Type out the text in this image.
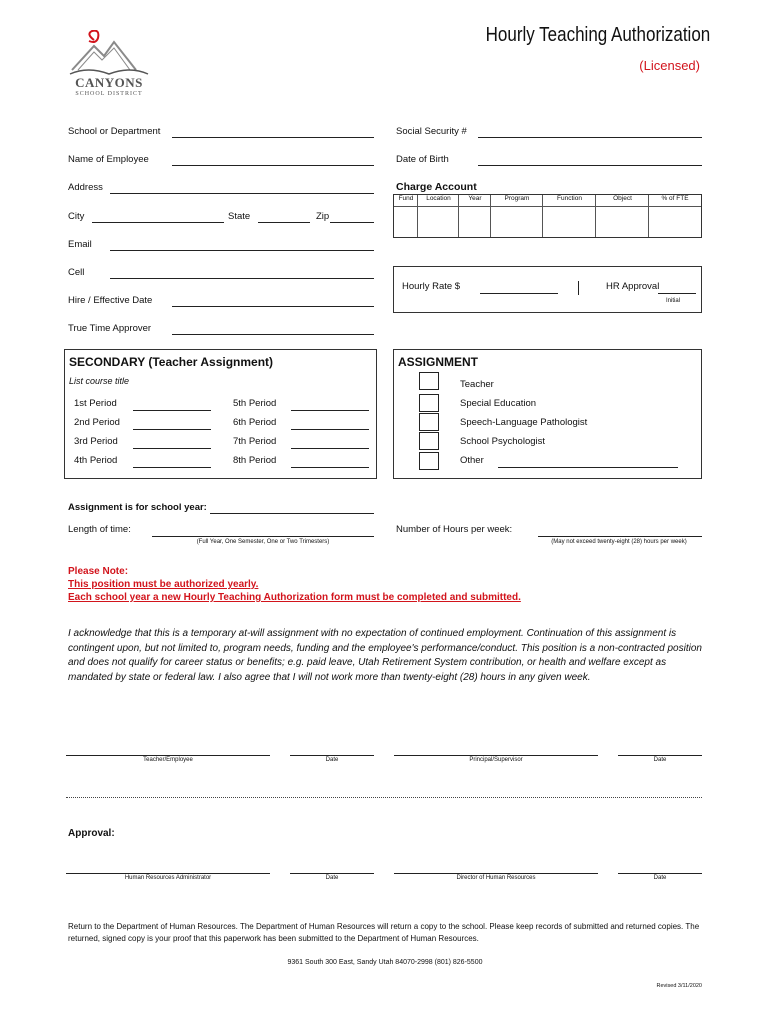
CANYONS
SCHOOL DISTRICT
Hourly Teaching Authorization
(Licensed)
School or Department
Name of Employee
Address
City	State	Zip
Email
Cell
Hire / Effective Date
True Time Approver
Social Security #
Date of Birth
Charge Account
Fund	Location	Year	Program	Function	Object	% of FTE
Hourly Rate $	HR Approval
Initial
SECONDARY (Teacher Assignment)
List course title
1st Period	5th Period
2nd Period	6th Period
3rd Period	7th Period
4th Period	8th Period
ASSIGNMENT
Teacher
Special Education
Speech-Language Pathologist
School Psychologist
Other
Assignment is for school year:
Length of time:
(Full Year, One Semester, One or Two Trimesters)
Number of Hours per week:
(May not exceed twenty-eight (28) hours per week)
Please Note:
This position must be authorized yearly.
Each school year a new Hourly Teaching Authorization form must be completed and submitted.
I acknowledge that this is a temporary at-will assignment with no expectation of continued employment. Continuation of this assignment is contingent upon, but not limited to, program needs, funding and the employee's performance/conduct. This position is a non-contracted position and does not qualify for career status or benefits; e.g. paid leave, Utah Retirement System contribution, or health and welfare except as mandated by state or federal law. I also agree that I will not work more than twenty-eight (28) hours in any given week.
Teacher/Employee	Date	Principal/Supervisor	Date
Approval:
Human Resources Administrator	Date	Director of Human Resources	Date
Return to the Department of Human Resources. The Department of Human Resources will return a copy to the school. Please keep records of submitted and returned copies. The returned, signed copy is your proof that this paperwork has been submitted to the Department of Human Resources.
9361 South 300 East, Sandy Utah 84070-2998 (801) 826-5500
Revised 3/11/2020
